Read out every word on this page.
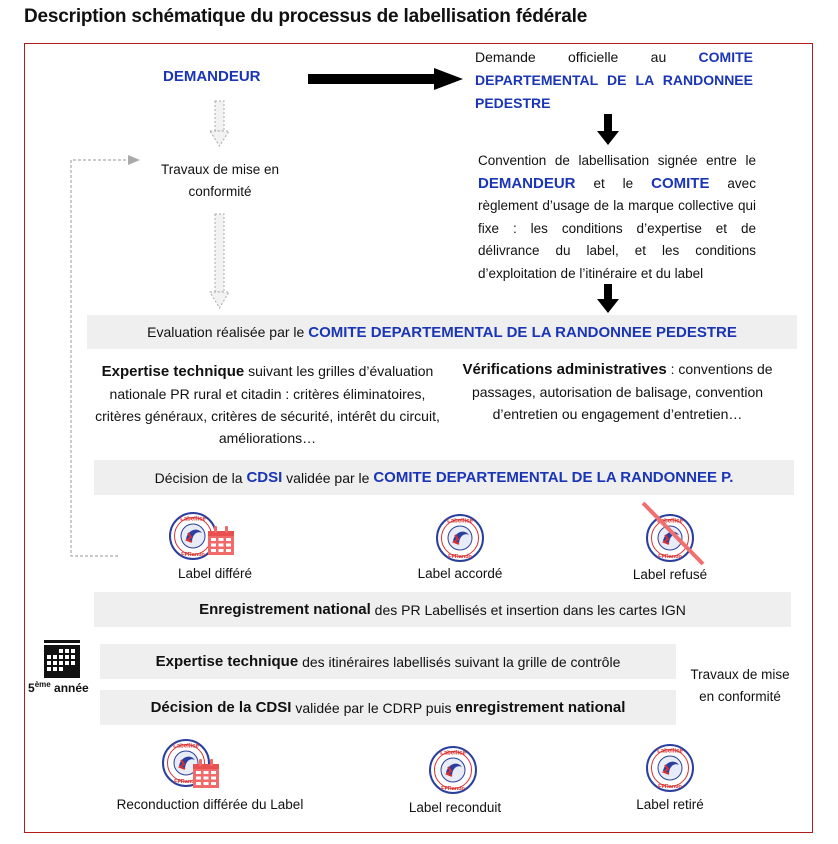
Description schématique du processus de labellisation fédérale
DEMANDEUR
Demande officielle au COMITE DEPARTEMENTAL DE LA RANDONNEE PEDESTRE
Travaux de mise en
conformité
Convention de labellisation signée entre le DEMANDEUR et le COMITE avec règlement d’usage de la marque collective qui fixe : les conditions d’expertise et de délivrance du label, et les conditions d’exploitation de l’itinéraire et du label
Evaluation réalisée par le
COMITE DEPARTEMENTAL DE LA RANDONNEE PEDESTRE
Expertise technique suivant les grilles d’évaluation nationale PR rural et citadin : critères éliminatoires, critères généraux, critères de sécurité, intérêt du circuit, améliorations…
Vérifications administratives : conventions de passages, autorisation de balisage, convention d’entretien ou engagement d’entretien…
Décision de la
CDSI
validée par le
COMITE DEPARTEMENTAL DE LA RANDONNEE P.
Label différé	Label accordé	Label refusé
Enregistrement national
des PR Labellisés et insertion dans les cartes IGN
5ème année
Expertise technique
des itinéraires labellisés suivant la grille de contrôle
Décision de la CDSI
validée par le CDRP puis
enregistrement national
Travaux de mise
en conformité
Reconduction différée du Label	Label reconduit	Label retiré
